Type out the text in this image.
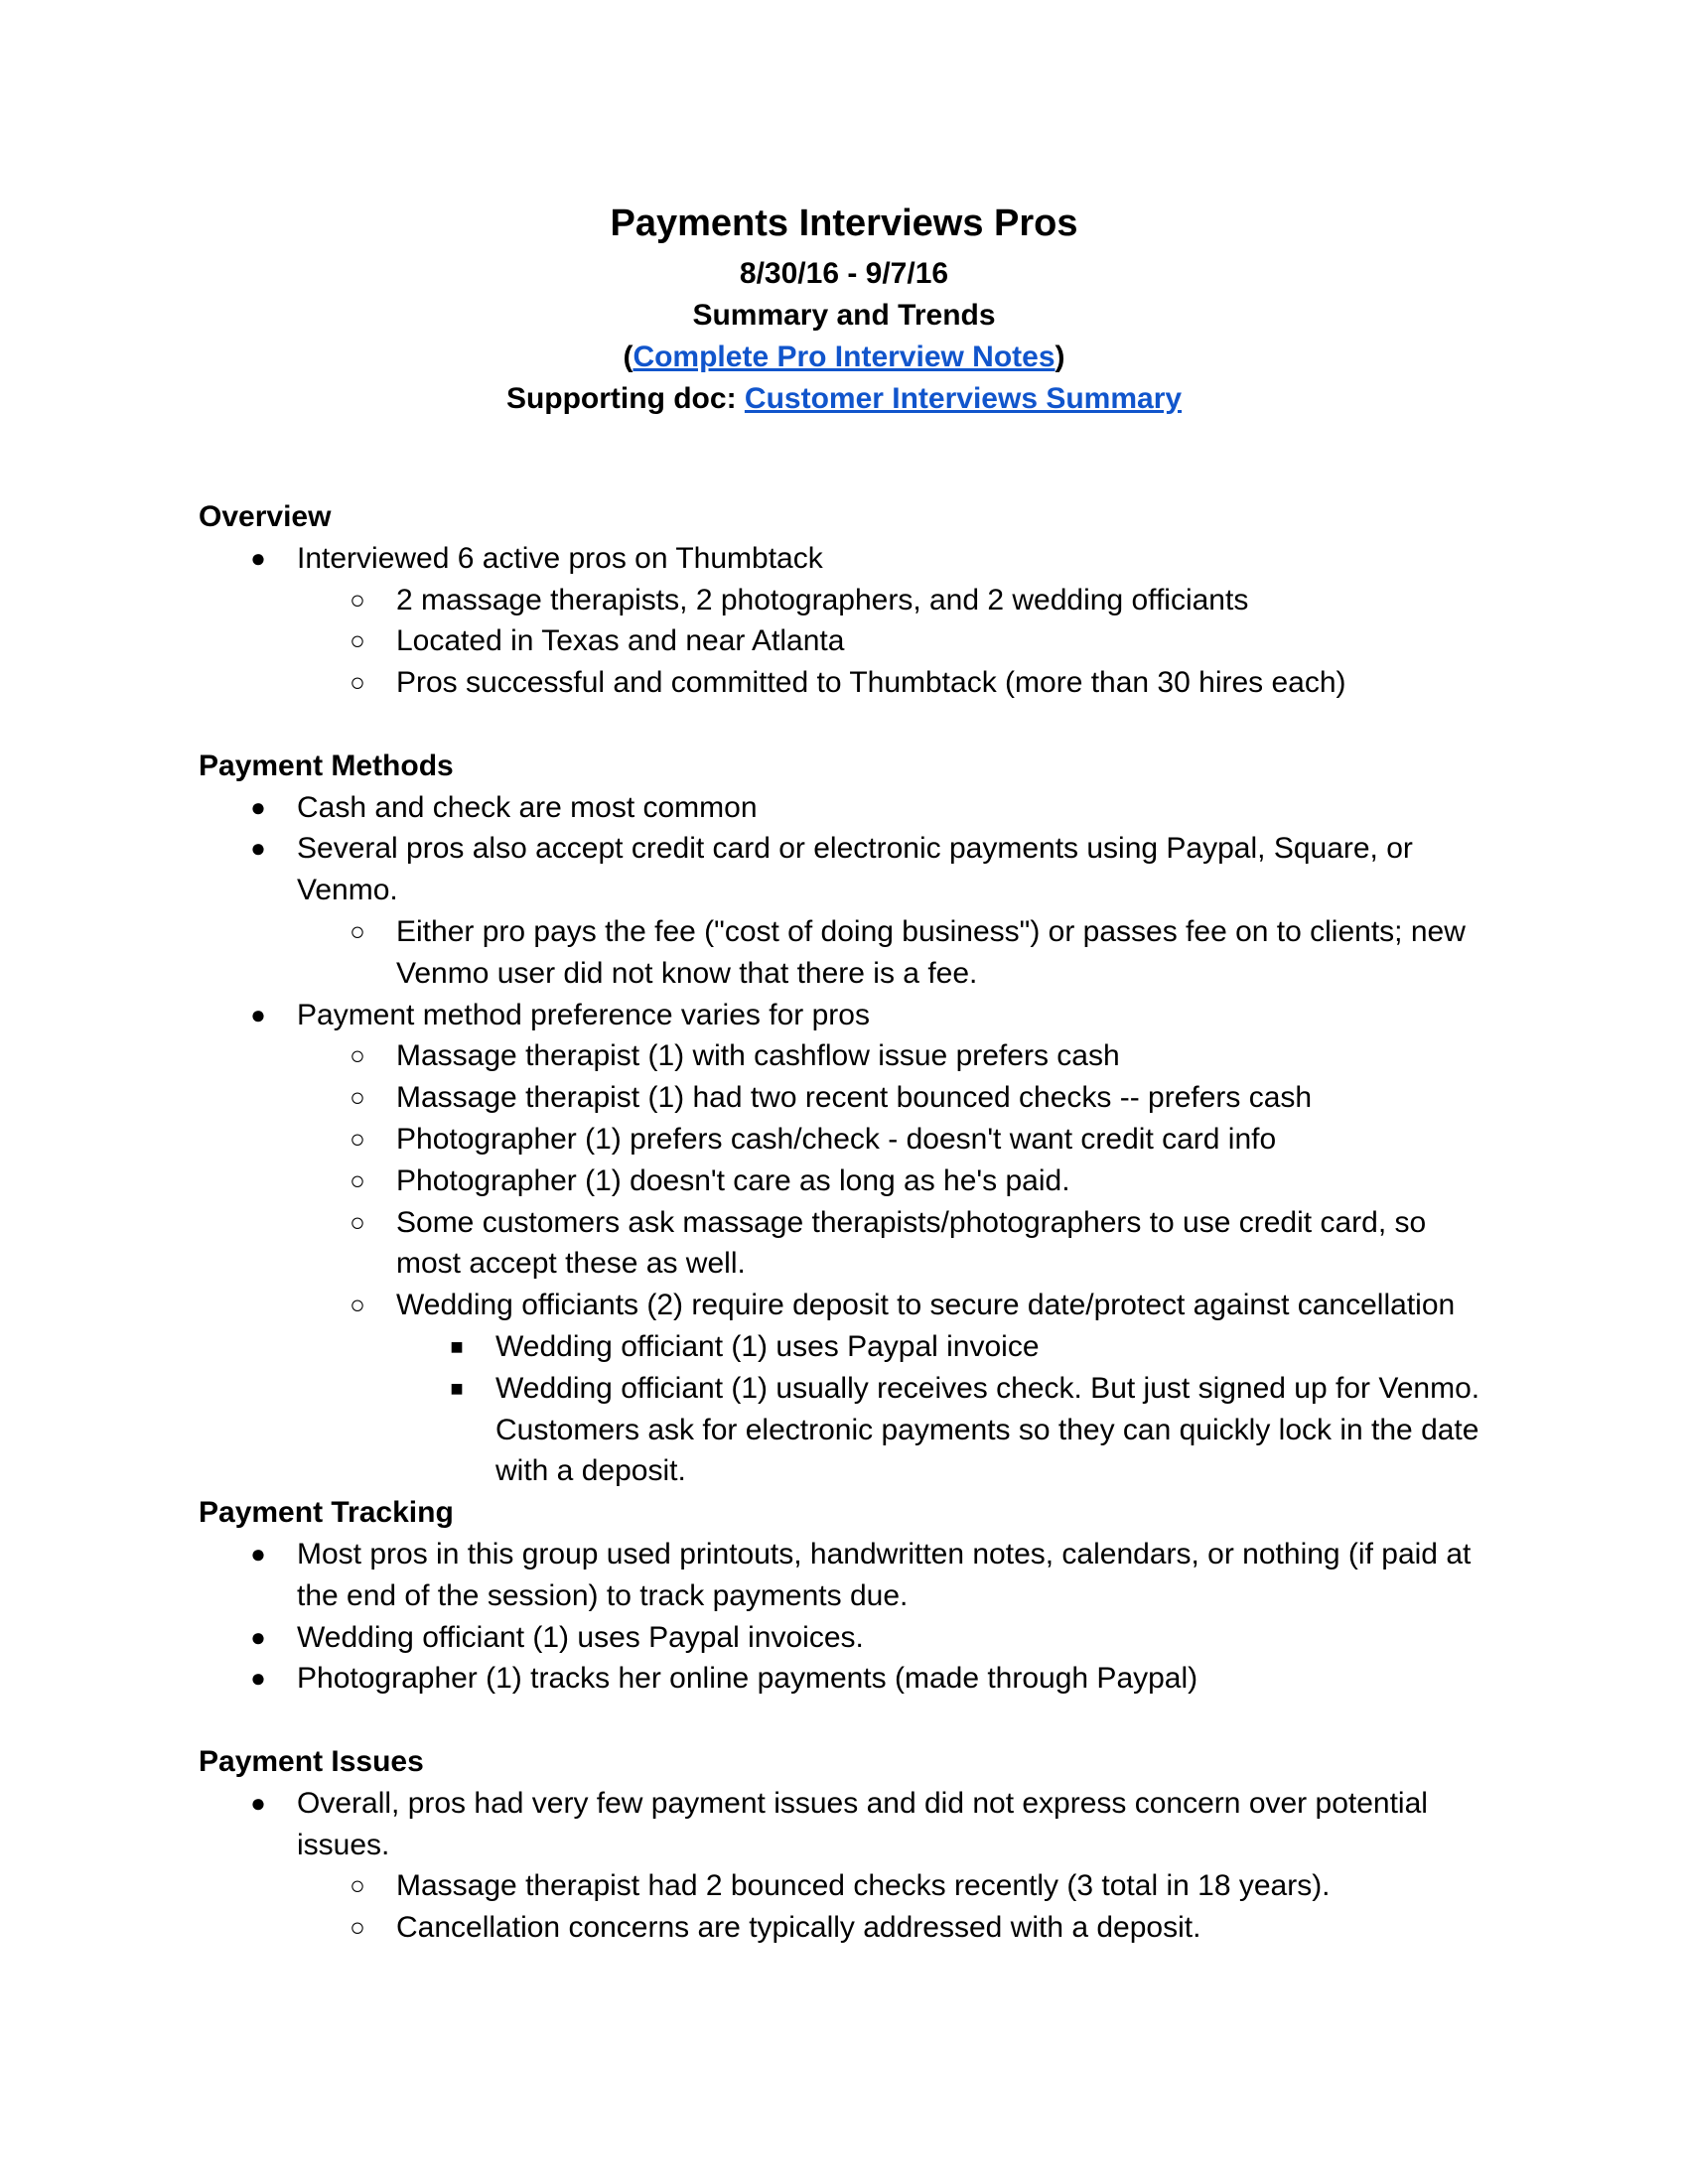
Payments Interviews Pros
8/30/16 - 9/7/16
Summary and Trends
(Complete Pro Interview Notes)
Supporting doc: Customer Interviews Summary
Overview
●	Interviewed 6 active pros on Thumbtack
○	2 massage therapists, 2 photographers, and 2 wedding officiants
○	Located in Texas and near Atlanta
○	Pros successful and committed to Thumbtack (more than 30 hires each)
Payment Methods
●	Cash and check are most common
●	Several pros also accept credit card or electronic payments using Paypal, Square, or Venmo.
○	Either pro pays the fee ("cost of doing business") or passes fee on to clients; new Venmo user did not know that there is a fee.
●	Payment method preference varies for pros
○	Massage therapist (1) with cashflow issue prefers cash
○	Massage therapist (1) had two recent bounced checks -- prefers cash
○	Photographer (1) prefers cash/check - doesn't want credit card info
○	Photographer (1) doesn't care as long as he's paid.
○	Some customers ask massage therapists/photographers to use credit card, so most accept these as well.
○	Wedding officiants (2) require deposit to secure date/protect against cancellation
■	Wedding officiant (1) uses Paypal invoice
■	Wedding officiant (1) usually receives check. But just signed up for Venmo. Customers ask for electronic payments so they can quickly lock in the date with a deposit.
Payment Tracking
●	Most pros in this group used printouts, handwritten notes, calendars, or nothing (if paid at the end of the session) to track payments due.
●	Wedding officiant (1) uses Paypal invoices.
●	Photographer (1) tracks her online payments (made through Paypal)
Payment Issues
●	Overall, pros had very few payment issues and did not express concern over potential issues.
○	Massage therapist had 2 bounced checks recently (3 total in 18 years).
○	Cancellation concerns are typically addressed with a deposit.
